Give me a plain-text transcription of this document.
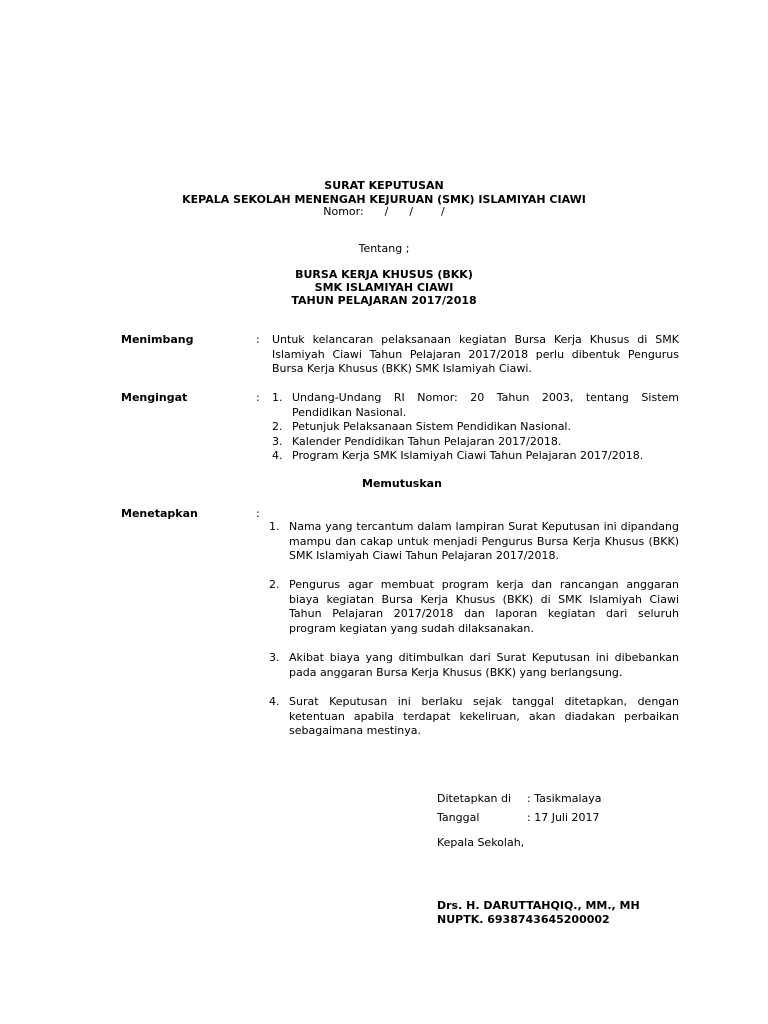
SURAT KEPUTUSAN
KEPALA SEKOLAH MENENGAH KEJURUAN (SMK) ISLAMIYAH CIAWI
Nomor:      /      /        /
Tentang ;
BURSA KERJA KHUSUS (BKK)
SMK ISLAMIYAH CIAWI
TAHUN PELAJARAN 2017/2018
Menimbang	: Untuk kelancaran pelaksanaan kegiatan Bursa Kerja Khusus di SMK Islamiyah Ciawi Tahun Pelajaran 2017/2018 perlu dibentuk Pengurus Bursa Kerja Khusus (BKK) SMK Islamiyah Ciawi.
Mengingat	: 1. Undang-Undang RI Nomor: 20 Tahun 2003, tentang Sistem Pendidikan Nasional.
2. Petunjuk Pelaksanaan Sistem Pendidikan Nasional.
3. Kalender Pendidikan Tahun Pelajaran 2017/2018.
4. Program Kerja SMK Islamiyah Ciawi Tahun Pelajaran 2017/2018.
Memutuskan
Menetapkan	:
1. Nama yang tercantum dalam lampiran Surat Keputusan ini dipandang mampu dan cakap untuk menjadi Pengurus Bursa Kerja Khusus (BKK) SMK Islamiyah Ciawi Tahun Pelajaran 2017/2018.
2. Pengurus agar membuat program kerja dan rancangan anggaran biaya kegiatan Bursa Kerja Khusus (BKK) di SMK Islamiyah Ciawi Tahun Pelajaran 2017/2018 dan laporan kegiatan dari seluruh program kegiatan yang sudah dilaksanakan.
3. Akibat biaya yang ditimbulkan dari Surat Keputusan ini dibebankan pada anggaran Bursa Kerja Khusus (BKK) yang berlangsung.
4. Surat Keputusan ini berlaku sejak tanggal ditetapkan, dengan ketentuan apabila terdapat kekeliruan, akan diadakan perbaikan sebagaimana mestinya.
Ditetapkan di : Tasikmalaya
Tanggal	: 17 Juli 2017
Kepala Sekolah,
Drs. H. DARUTTAHQIQ., MM., MH
NUPTK. 6938743645200002
